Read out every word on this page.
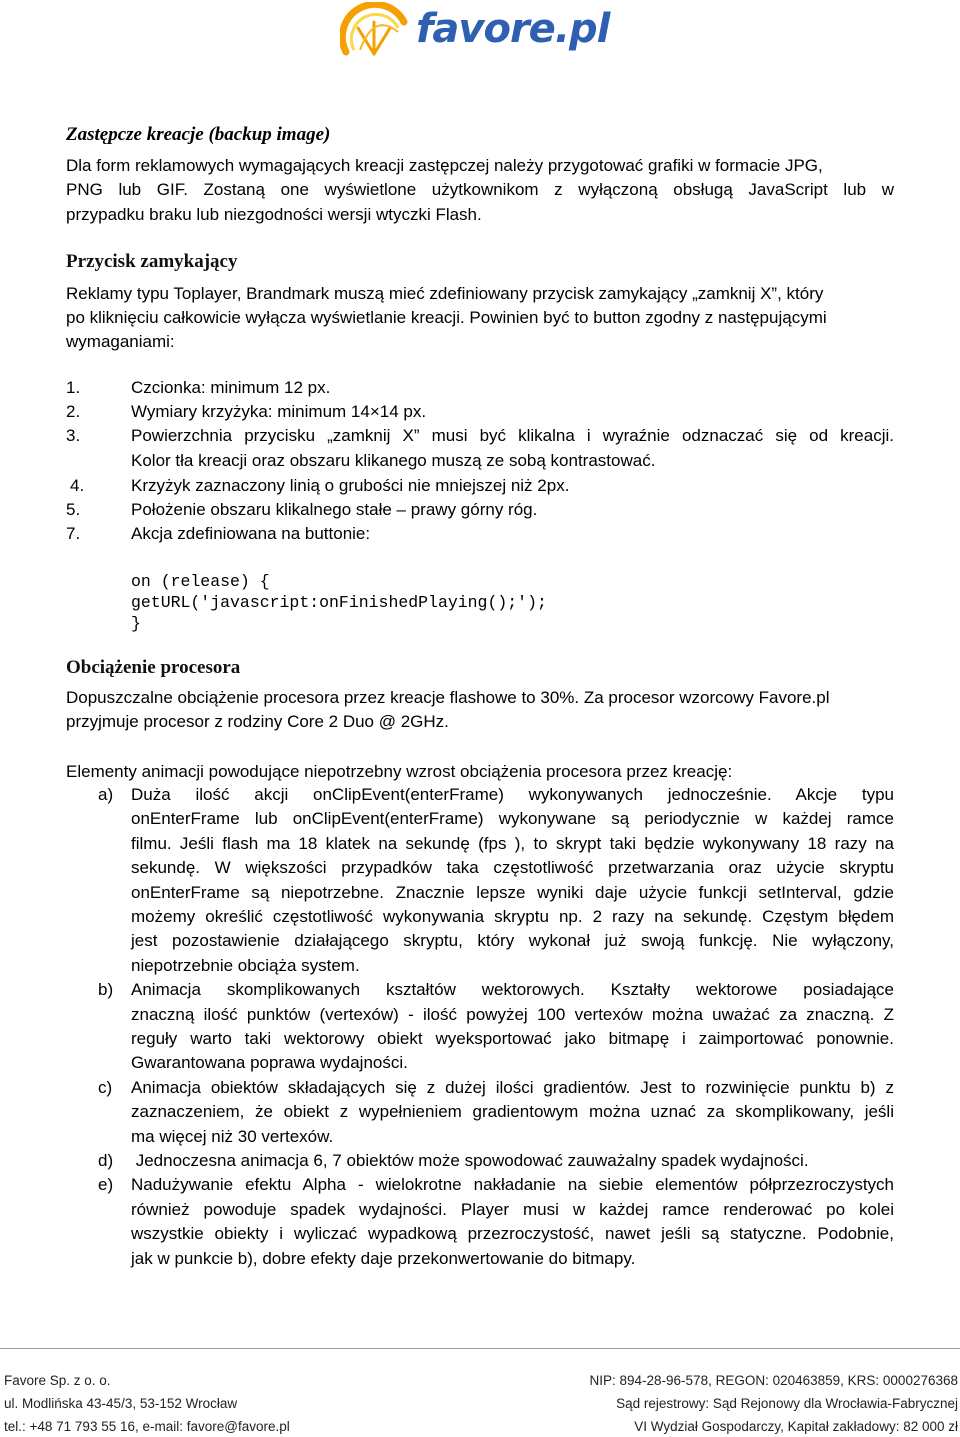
favore.pl
Zastępcze kreacje (backup image)
Dla form reklamowych wymagających kreacji zastępczej należy przygotować grafiki w formacie JPG,
PNG lub GIF. Zostaną one wyświetlone użytkownikom z wyłączoną obsługą JavaScript lub w
przypadku braku lub niezgodności wersji wtyczki Flash.
Przycisk zamykający
Reklamy typu Toplayer, Brandmark muszą mieć zdefiniowany przycisk zamykający „zamknij X”, który
po kliknięciu całkowicie wyłącza wyświetlanie kreacji. Powinien być to button zgodny z następującymi
wymaganiami:
1.	Czcionka: minimum 12 px.
2.	Wymiary krzyżyka: minimum 14×14 px.
3.	Powierzchnia przycisku „zamknij X” musi być klikalna i wyraźnie odznaczać się od kreacji.
Kolor tła kreacji oraz obszaru klikanego muszą ze sobą kontrastować.
4.	Krzyżyk zaznaczony linią o grubości nie mniejszej niż 2px.
5.	Położenie obszaru klikalnego stałe – prawy górny róg.
7.	Akcja zdefiniowana na buttonie:
on (release) {
getURL('javascript:onFinishedPlaying();');
}
Obciążenie procesora
Dopuszczalne obciążenie procesora przez kreacje flashowe to 30%. Za procesor wzorcowy Favore.pl
przyjmuje procesor z rodziny Core 2 Duo @ 2GHz.
Elementy animacji powodujące niepotrzebny wzrost obciążenia procesora przez kreację:
a) Duża ilość akcji onClipEvent(enterFrame) wykonywanych jednocześnie. Akcje typu
onEnterFrame lub onClipEvent(enterFrame) wykonywane są periodycznie w każdej ramce
filmu. Jeśli flash ma 18 klatek na sekundę (fps ), to skrypt taki będzie wykonywany 18 razy na
sekundę. W większości przypadków taka częstotliwość przetwarzania oraz użycie skryptu
onEnterFrame są niepotrzebne. Znacznie lepsze wyniki daje użycie funkcji setInterval, gdzie
możemy określić częstotliwość wykonywania skryptu np. 2 razy na sekundę. Częstym błędem
jest pozostawienie działającego skryptu, który wykonał już swoją funkcję. Nie wyłączony,
niepotrzebnie obciąża system.
b) Animacja skomplikowanych kształtów wektorowych. Kształty wektorowe posiadające
znaczną ilość punktów (vertexów) - ilość powyżej 100 vertexów można uważać za znaczną. Z
reguły warto taki wektorowy obiekt wyeksportować jako bitmapę i zaimportować ponownie.
Gwarantowana poprawa wydajności.
c) Animacja obiektów składających się z dużej ilości gradientów. Jest to rozwinięcie punktu b) z
zaznaczeniem, że obiekt z wypełnieniem gradientowym można uznać za skomplikowany, jeśli
ma więcej niż 30 vertexów.
d) Jednoczesna animacja 6, 7 obiektów może spowodować zauważalny spadek wydajności.
e) Nadużywanie efektu Alpha - wielokrotne nakładanie na siebie elementów półprzezroczystych
również powoduje spadek wydajności. Player musi w każdej ramce renderować po kolei
wszystkie obiekty i wyliczać wypadkową przezroczystość, nawet jeśli są statyczne. Podobnie,
jak w punkcie b), dobre efekty daje przekonwertowanie do bitmapy.
Favore Sp. z o. o.
ul. Modlińska 43-45/3, 53-152 Wrocław
tel.: +48 71 793 55 16, e-mail: favore@favore.pl
NIP: 894-28-96-578, REGON: 020463859, KRS: 0000276368
Sąd rejestrowy: Sąd Rejonowy dla Wrocławia-Fabrycznej
VI Wydział Gospodarczy, Kapitał zakładowy: 82 000 zł
